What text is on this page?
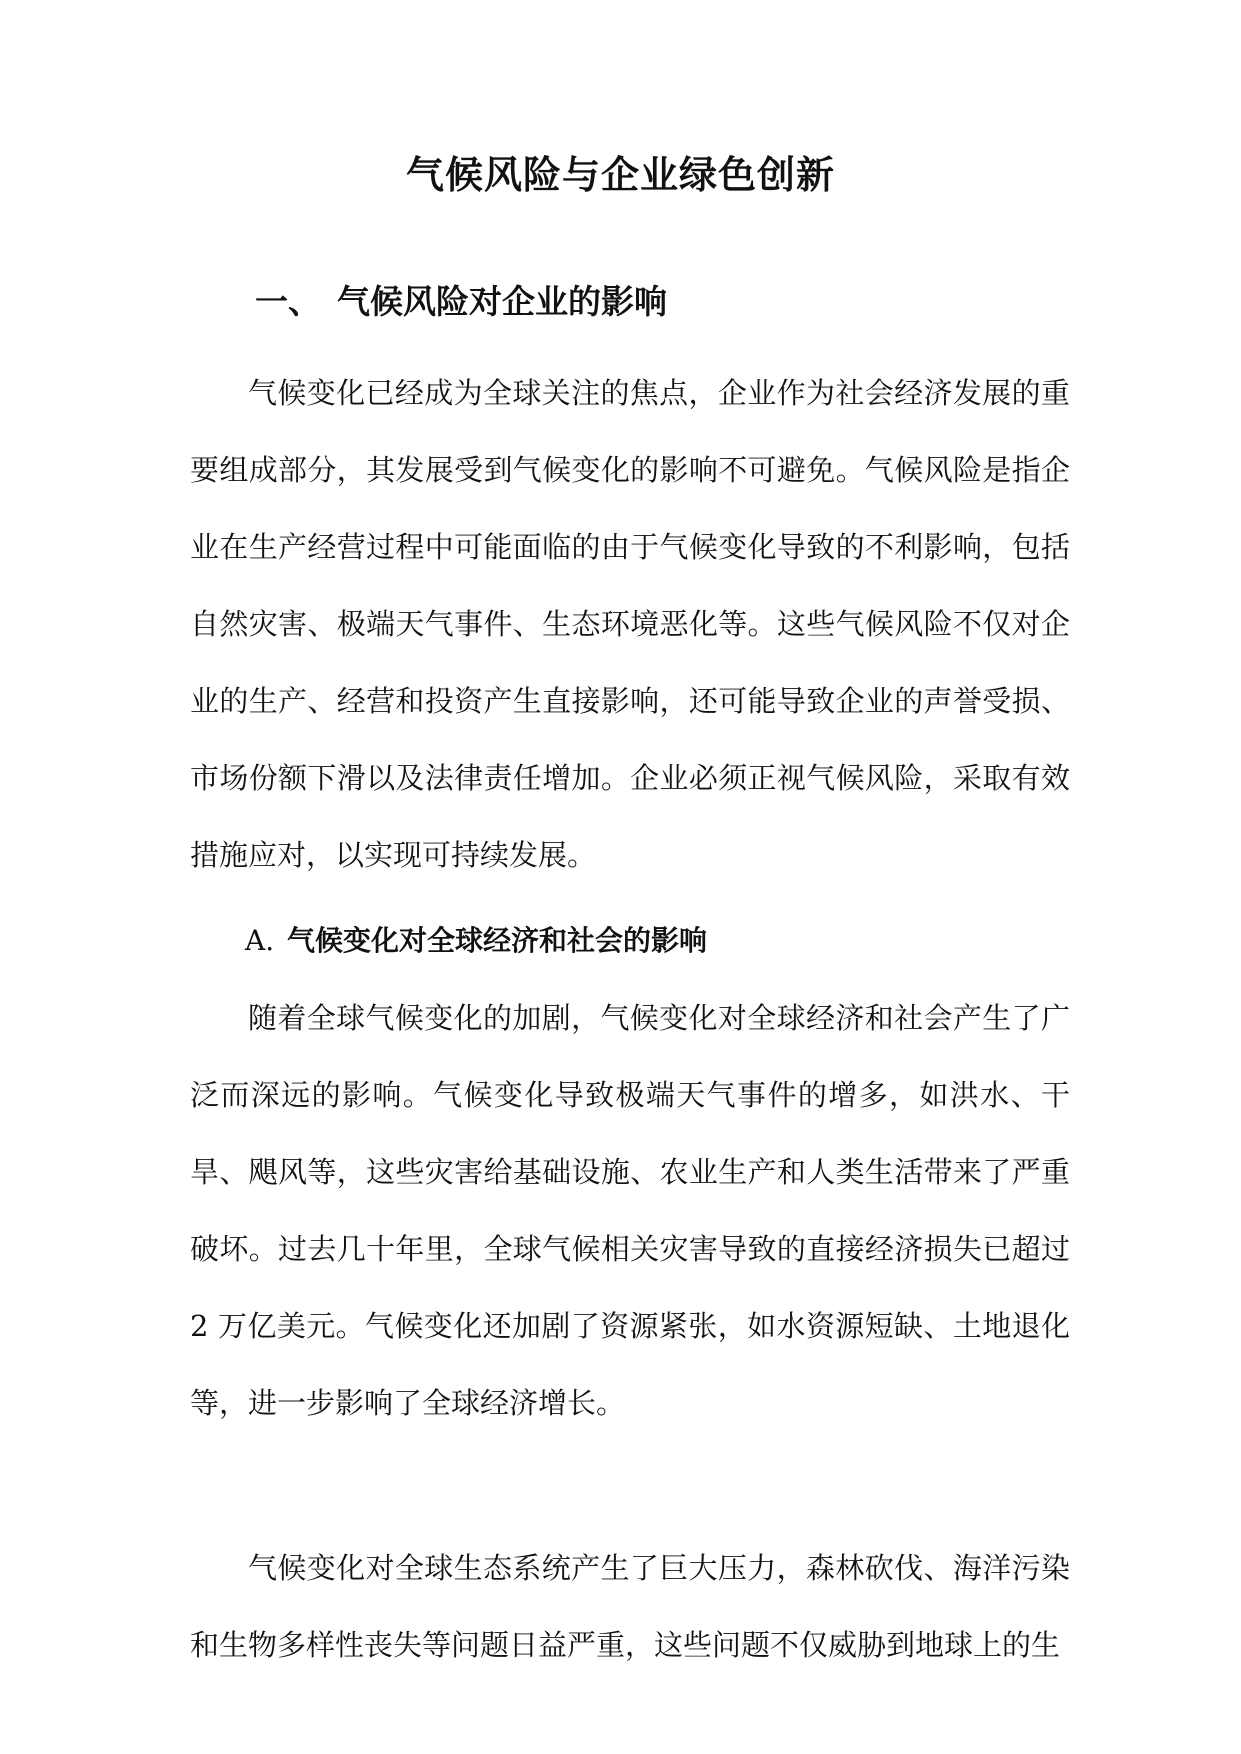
气候风险与企业绿色创新
一、 气候风险对企业的影响

气候变化已经成为全球关注的焦点，企业作为社会经济发展的重要组成部分，其发展受到气候变化的影响不可避免。气候风险是指企业在生产经营过程中可能面临的由于气候变化导致的不利影响，包括自然灾害、极端天气事件、生态环境恶化等。这些气候风险不仅对企业的生产、经营和投资产生直接影响，还可能导致企业的声誉受损、市场份额下滑以及法律责任增加。企业必须正视气候风险，采取有效措施应对，以实现可持续发展。

A. 气候变化对全球经济和社会的影响

随着全球气候变化的加剧，气候变化对全球经济和社会产生了广泛而深远的影响。气候变化导致极端天气事件的增多，如洪水、干旱、飓风等，这些灾害给基础设施、农业生产和人类生活带来了严重破坏。过去几十年里，全球气候相关灾害导致的直接经济损失已超过 2 万亿美元。气候变化还加剧了资源紧张，如水资源短缺、土地退化等，进一步影响了全球经济增长。

气候变化对全球生态系统产生了巨大压力，森林砍伐、海洋污染和生物多样性丧失等问题日益严重，这些问题不仅威胁到地球上的生
